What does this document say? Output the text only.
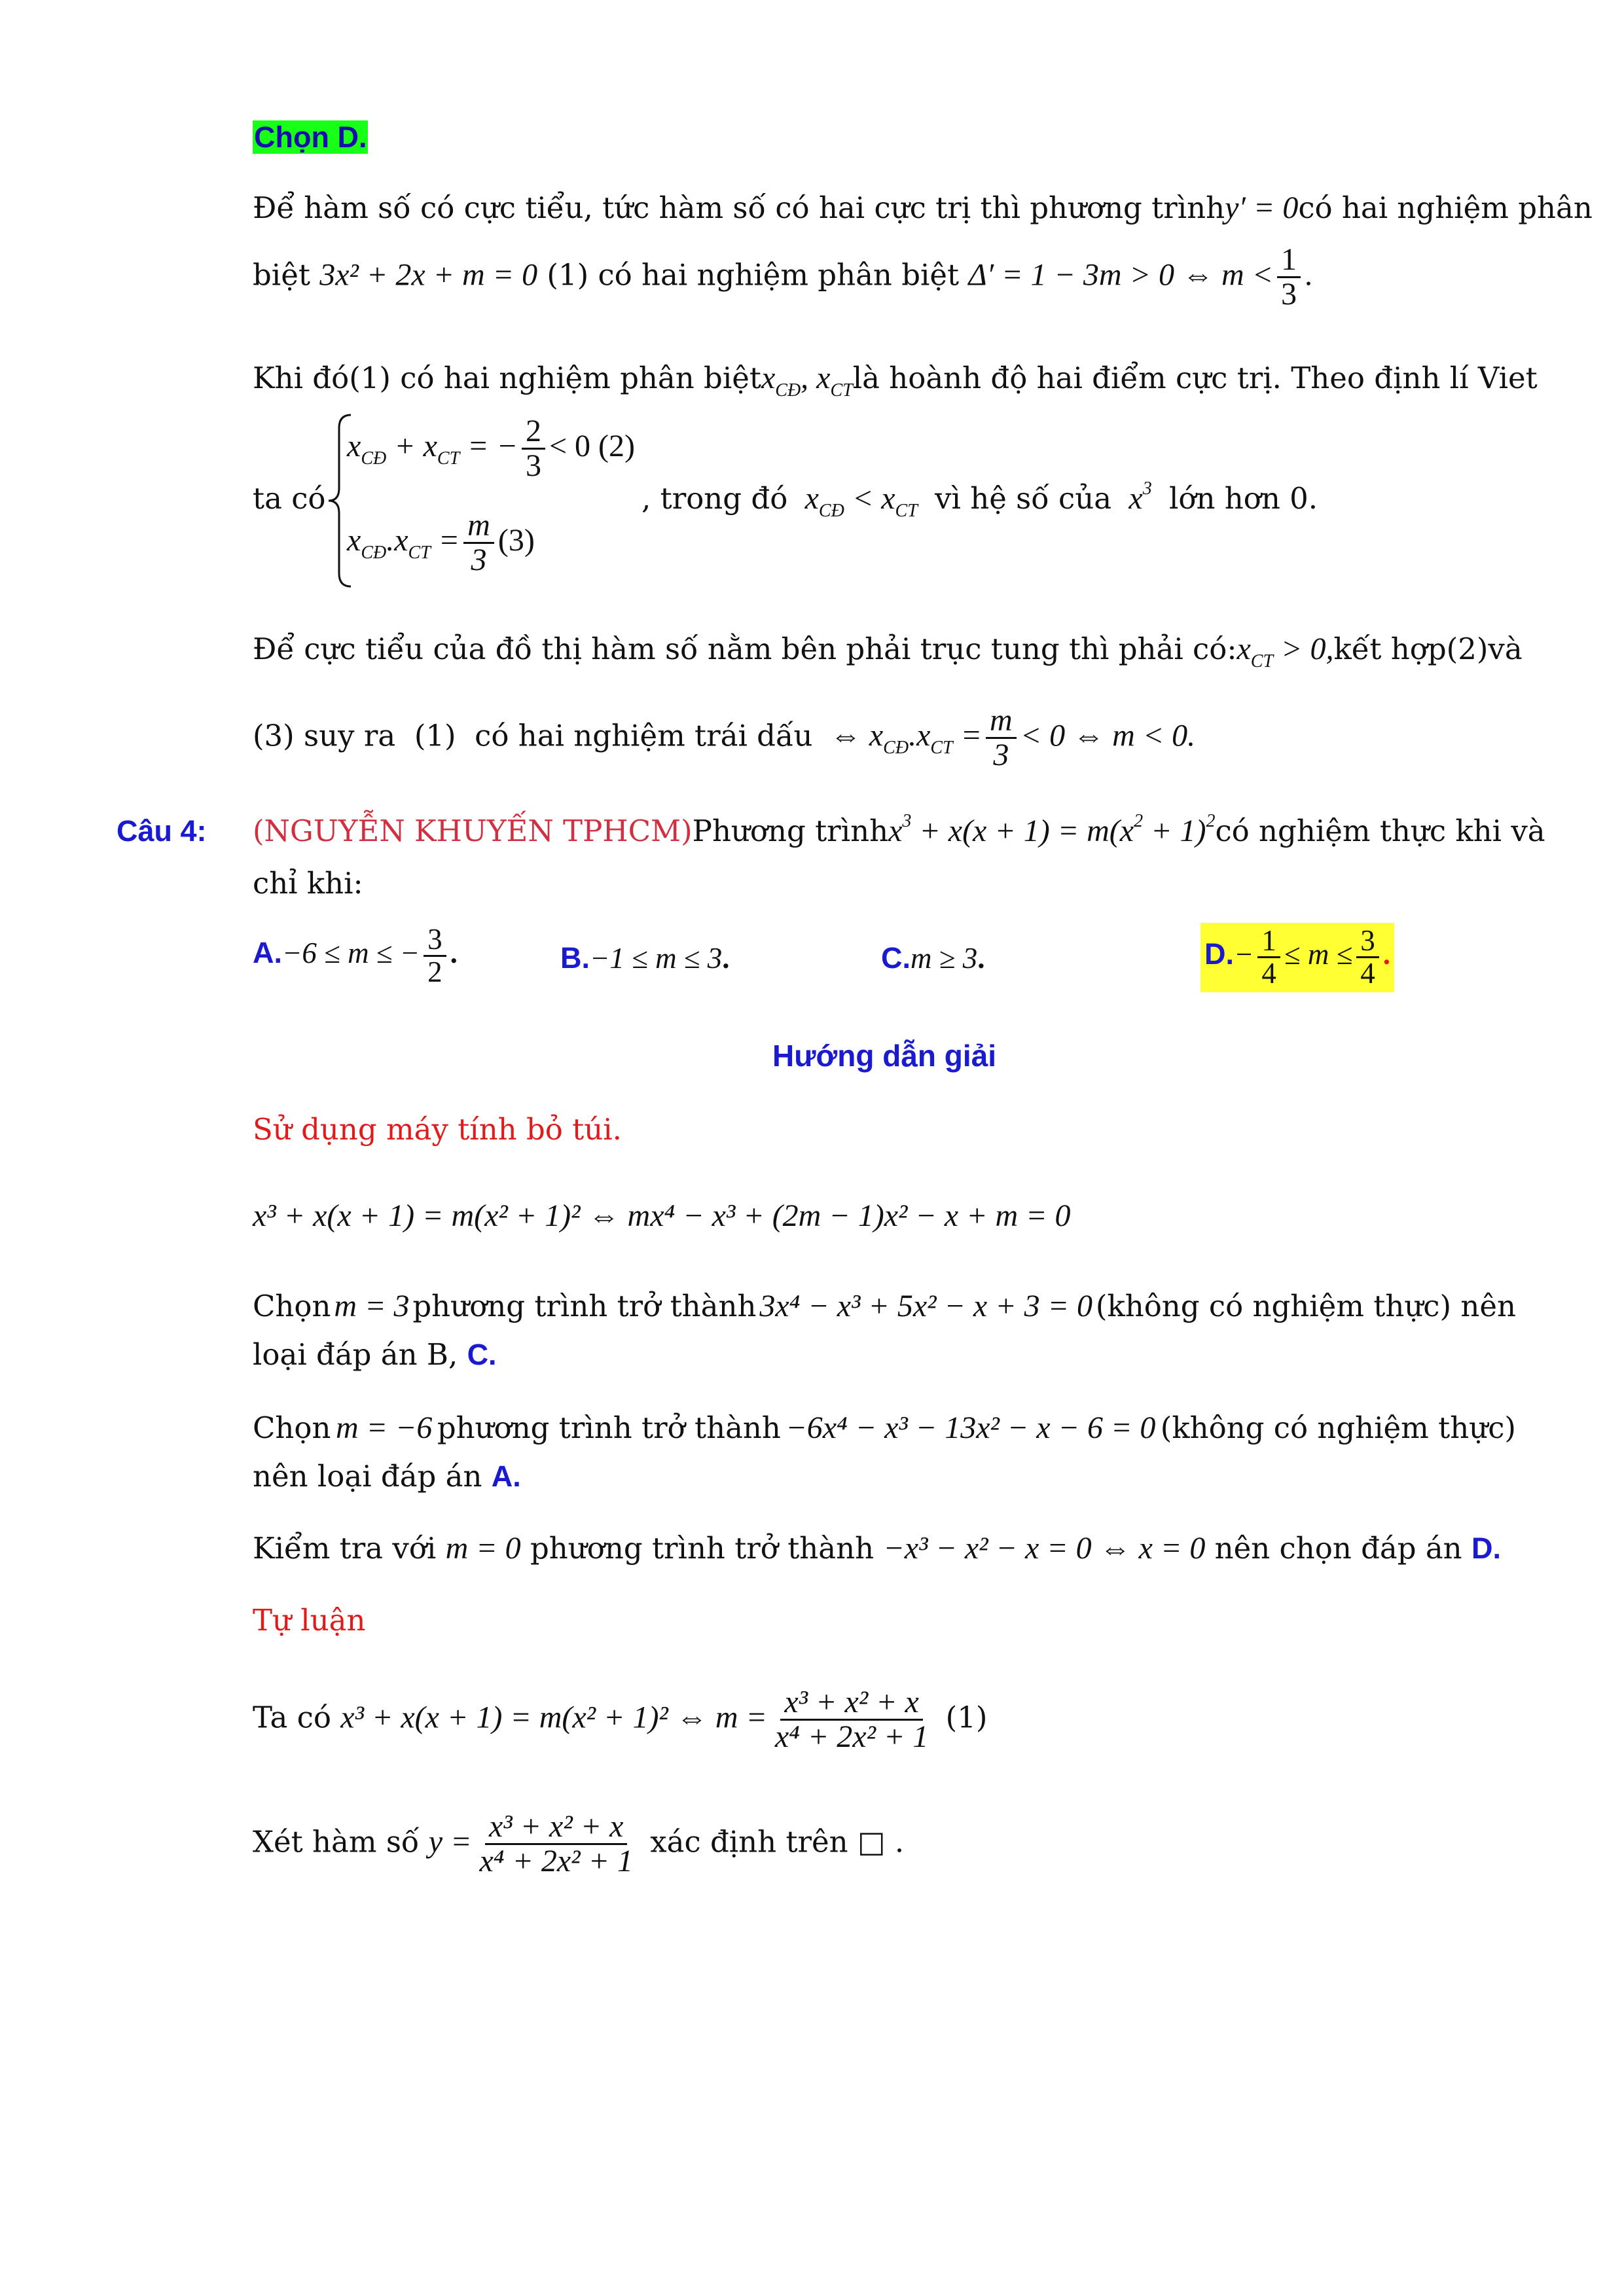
Chọn D.
Để hàm số có cực tiểu, tức hàm số có hai cực trị thì phương trình y′ = 0 có hai nghiệm phân
biệt 3x² + 2x + m = 0 (1) có hai nghiệm phân biệt Δ′ = 1 − 3m > 0 ⇔ $m < \frac{1}{3}$ .
Khi đó (1) có hai nghiệm phân biệt $x_{CĐ}$, $x_{CT}$ là hoành độ hai điểm cực trị. Theo định lí Viet
ta có
$x_{CĐ} + x_{CT}$ = − $\frac{2}{3} < 0$ (2)
$x_{CĐ}.x_{CT} = \frac{m}{3} (3)$
, trong đó $x_{CĐ} < x_{CT}$ vì hệ số của  $x^3$ lớn hơn 0.
Để cực tiểu của đồ thị hàm số nằm bên phải trục tung thì phải có: $x_{CT} > 0$, kết hợp (2) và
(3) suy ra (1) có hai nghiệm trái dấu  ⇔ $x_{CĐ}.x_{CT} = \frac{m}{3} < 0$ ⇔ m < 0.
Câu 4:	(NGUYỄN KHUYẾN TPHCM) Phương trình $x^3 + x(x + 1) = m(x^2 + 1)^2$ có nghiệm thực khi và
chỉ khi:
A.−6 ≤ m ≤ − $\frac{3}{2}$ .	B.−1 ≤ m ≤ 3.	C.m ≥ 3.	$D.- \frac{1}{4} \le m \le \frac{3}{4}$ .
Hướng dẫn giải
Sử dụng máy tính bỏ túi.
x³ + x(x + 1) = m(x² + 1)² ⇔ mx⁴ − x³ + (2m − 1)x² − x + m = 0
Chọn m = 3 phương trình trở thành 3x⁴ − x³ + 5x² − x + 3 = 0 (không có nghiệm thực) nên
loại đáp án B, C.
Chọn m = −6 phương trình trở thành −6x⁴ − x³ − 13x² − x − 6 = 0 (không có nghiệm thực)
nên loại đáp án A.
Kiểm tra với m = 0 phương trình trở thành −x³ − x² − x = 0 ⇔ x = 0 nên chọn đáp án D.
Tự luận
Ta có x³ + x(x + 1) = m(x² + 1)² ⇔ $m = \frac{\text{x³ + x² + x}}{\text{x⁴ + 2x² + 1}} (1)$
Xét hàm số $y = \frac{\text{x³ + x² + x}}{\text{x⁴ + 2x² + 1}}$ xác định trên □ .
